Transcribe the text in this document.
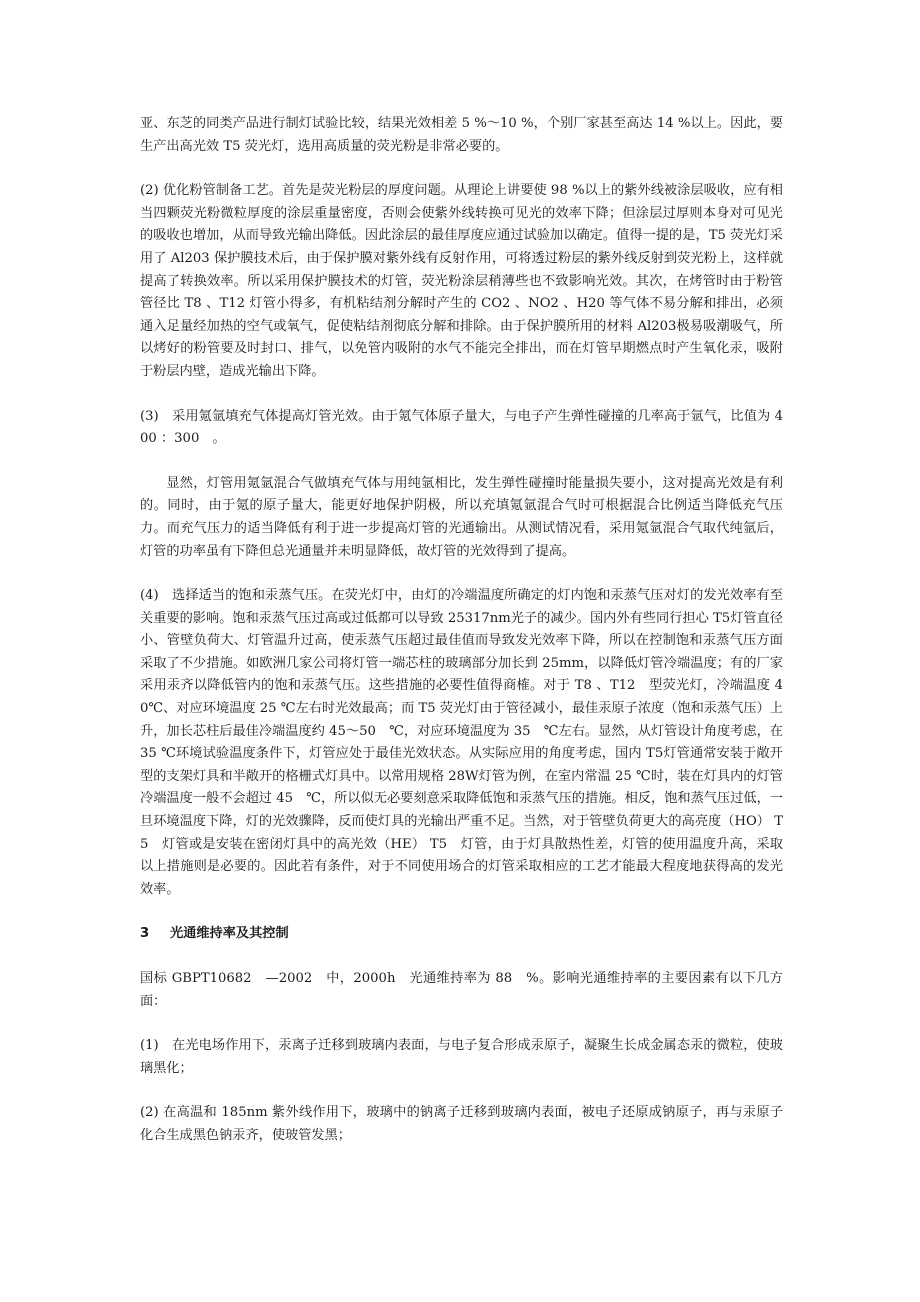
亚、东芝的同类产品进行制灯试验比较，结果光效相差 5 %～10 %，个别厂家甚至高达 14 %以上。因此，要生产出高光效 T5 荧光灯，选用高质量的荧光粉是非常必要的。

(2) 优化粉管制备工艺。首先是荧光粉层的厚度问题。从理论上讲要使 98 %以上的紫外线被涂层吸收，应有相当四颗荧光粉微粒厚度的涂层重量密度，否则会使紫外线转换可见光的效率下降；但涂层过厚则本身对可见光的吸收也增加，从而导致光输出降低。因此涂层的最佳厚度应通过试验加以确定。值得一提的是，T5 荧光灯采用了 Al203 保护膜技术后，由于保护膜对紫外线有反射作用，可将透过粉层的紫外线反射到荧光粉上，这样就提高了转换效率。所以采用保护膜技术的灯管，荧光粉涂层稍薄些也不致影响光效。其次，在烤管时由于粉管管径比 T8 、T12 灯管小得多，有机粘结剂分解时产生的 CO2 、NO2 、H20 等气体不易分解和排出，必须通入足量经加热的空气或氧气，促使粘结剂彻底分解和排除。由于保护膜所用的材料 Al203极易吸潮吸气，所以烤好的粉管要及时封口、排气，以免管内吸附的水气不能完全排出，而在灯管早期燃点时产生氧化汞，吸附于粉层内壁，造成光输出下降。

(3)　采用氪氩填充气体提高灯管光效。由于氪气体原子量大，与电子产生弹性碰撞的几率高于氩气，比值为 400 ：300　。

显然，灯管用氪氩混合气做填充气体与用纯氩相比，发生弹性碰撞时能量损失要小，这对提高光效是有利的。同时，由于氪的原子量大，能更好地保护阴极，所以充填氪氩混合气时可根据混合比例适当降低充气压力。而充气压力的适当降低有利于进一步提高灯管的光通输出。从测试情况看，采用氪氩混合气取代纯氩后，灯管的功率虽有下降但总光通量并未明显降低，故灯管的光效得到了提高。

(4)　选择适当的饱和汞蒸气压。在荧光灯中，由灯的冷端温度所确定的灯内饱和汞蒸气压对灯的发光效率有至关重要的影响。饱和汞蒸气压过高或过低都可以导致 25317nm光子的减少。国内外有些同行担心 T5灯管直径小、管壁负荷大、灯管温升过高，使汞蒸气压超过最佳值而导致发光效率下降，所以在控制饱和汞蒸气压方面采取了不少措施。如欧洲几家公司将灯管一端芯柱的玻璃部分加长到 25mm，以降低灯管冷端温度；有的厂家采用汞齐以降低管内的饱和汞蒸气压。这些措施的必要性值得商榷。对于 T8 、T12　型荧光灯，冷端温度 40℃、对应环境温度 25 ℃左右时光效最高；而 T5 荧光灯由于管径减小，最佳汞原子浓度（饱和汞蒸气压）上升，加长芯柱后最佳冷端温度约 45～50　℃，对应环境温度为 35　℃左右。显然，从灯管设计角度考虑，在 35 ℃环境试验温度条件下，灯管应处于最佳光效状态。从实际应用的角度考虑，国内 T5灯管通常安装于敞开型的支架灯具和半敞开的格栅式灯具中。以常用规格 28W灯管为例，在室内常温 25 ℃时，装在灯具内的灯管冷端温度一般不会超过 45　℃，所以似无必要刻意采取降低饱和汞蒸气压的措施。相反，饱和蒸气压过低，一旦环境温度下降，灯的光效骤降，反而使灯具的光输出严重不足。当然，对于管壁负荷更大的高亮度（HO） T5　灯管或是安装在密闭灯具中的高光效（HE） T5　灯管，由于灯具散热性差，灯管的使用温度升高，采取以上措施则是必要的。因此若有条件，对于不同使用场合的灯管采取相应的工艺才能最大程度地获得高的发光效率。

3 光通维持率及其控制

国标 GBPT10682　—2002　中，2000h　光通维持率为 88　%。影响光通维持率的主要因素有以下几方面：

(1)　在光电场作用下，汞离子迁移到玻璃内表面，与电子复合形成汞原子，凝聚生长成金属态汞的微粒，使玻璃黑化；

(2) 在高温和 185nm 紫外线作用下，玻璃中的钠离子迁移到玻璃内表面，被电子还原成钠原子，再与汞原子化合生成黑色钠汞齐，使玻管发黑；
